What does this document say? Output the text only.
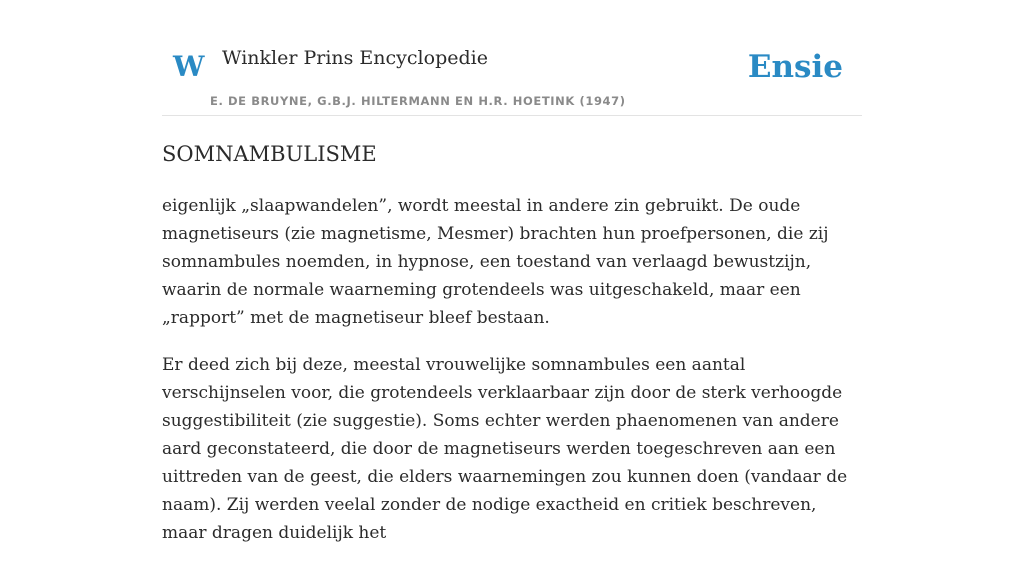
W Winkler Prins Encyclopedie
E. DE BRUYNE, G.B.J. HILTERMANN EN H.R. HOETINK (1947)
Ensie
SOMNAMBULISME

eigenlijk „slaapwandelen”, wordt meestal in andere zin gebruikt. De oude magnetiseurs (zie magnetisme, Mesmer) brachten hun proefpersonen, die zij somnambules noemden, in hypnose, een toestand van verlaagd bewustzijn, waarin de normale waarneming grotendeels was uitgeschakeld, maar een „rapport” met de magnetiseur bleef bestaan.

Er deed zich bij deze, meestal vrouwelijke somnambules een aantal verschijnselen voor, die grotendeels verklaarbaar zijn door de sterk verhoogde suggestibiliteit (zie suggestie). Soms echter werden phaenomenen van andere aard geconstateerd, die door de magnetiseurs werden toegeschreven aan een uittreden van de geest, die elders waarnemingen zou kunnen doen (vandaar de naam). Zij werden veelal zonder de nodige exactheid en critiek beschreven, maar dragen duidelijk het
